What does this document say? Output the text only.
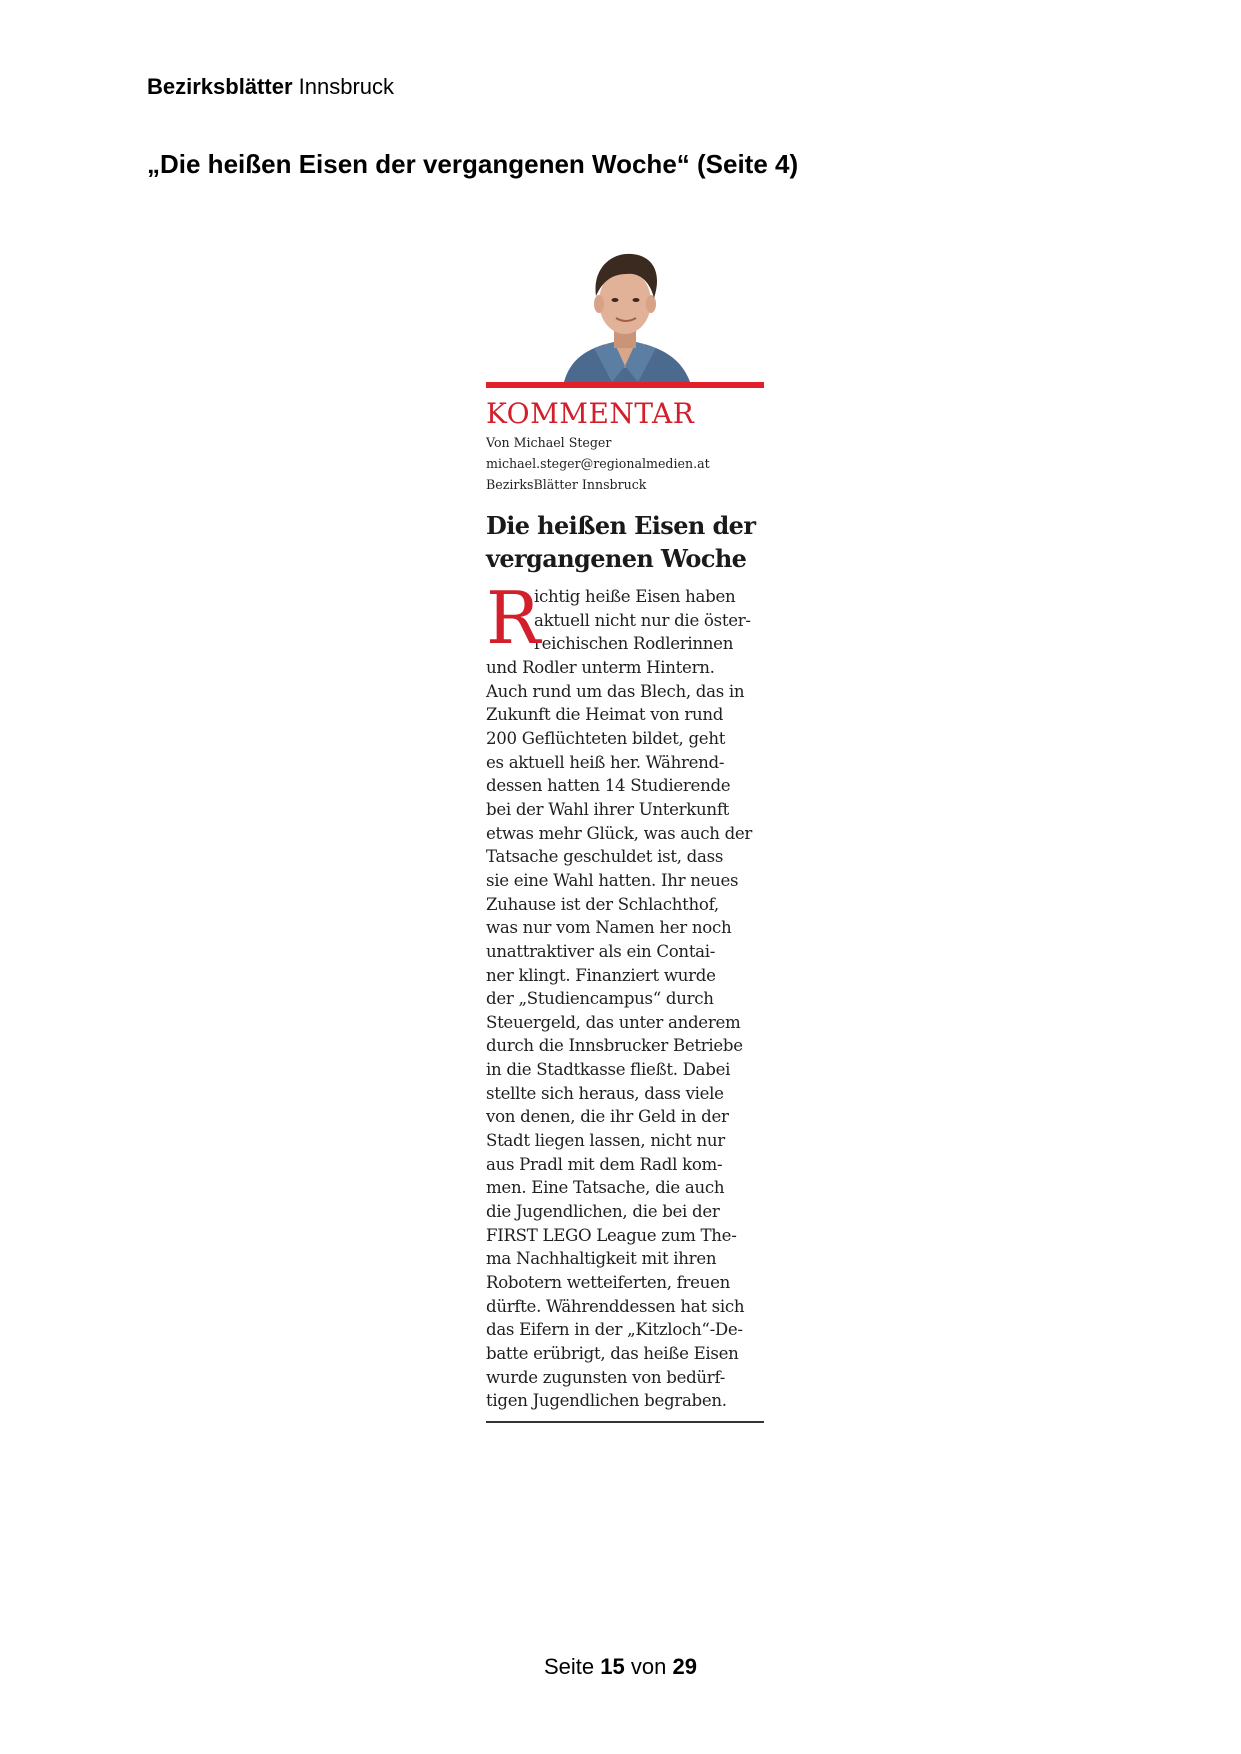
Bezirksblätter Innsbruck
„Die heißen Eisen der vergangenen Woche“ (Seite 4)
KOMMENTAR
Von Michael Steger
michael.steger@regionalmedien.at
BezirksBlätter Innsbruck
Die heißen Eisen der
vergangenen Woche
R
ichtig heiße Eisen haben
aktuell nicht nur die öster-
reichischen Rodlerinnen
und Rodler unterm Hintern.
Auch rund um das Blech, das in
Zukunft die Heimat von rund
200 Geflüchteten bildet, geht
es aktuell heiß her. Während-
dessen hatten 14 Studierende
bei der Wahl ihrer Unterkunft
etwas mehr Glück, was auch der
Tatsache geschuldet ist, dass
sie eine Wahl hatten. Ihr neues
Zuhause ist der Schlachthof,
was nur vom Namen her noch
unattraktiver als ein Contai-
ner klingt. Finanziert wurde
der „Studiencampus“ durch
Steuergeld, das unter anderem
durch die Innsbrucker Betriebe
in die Stadtkasse fließt. Dabei
stellte sich heraus, dass viele
von denen, die ihr Geld in der
Stadt liegen lassen, nicht nur
aus Pradl mit dem Radl kom-
men. Eine Tatsache, die auch
die Jugendlichen, die bei der
FIRST LEGO League zum The-
ma Nachhaltigkeit mit ihren
Robotern wetteiferten, freuen
dürfte. Währenddessen hat sich
das Eifern in der „Kitzloch“-De-
batte erübrigt, das heiße Eisen
wurde zugunsten von bedürf-
tigen Jugendlichen begraben.
Seite 15 von 29
